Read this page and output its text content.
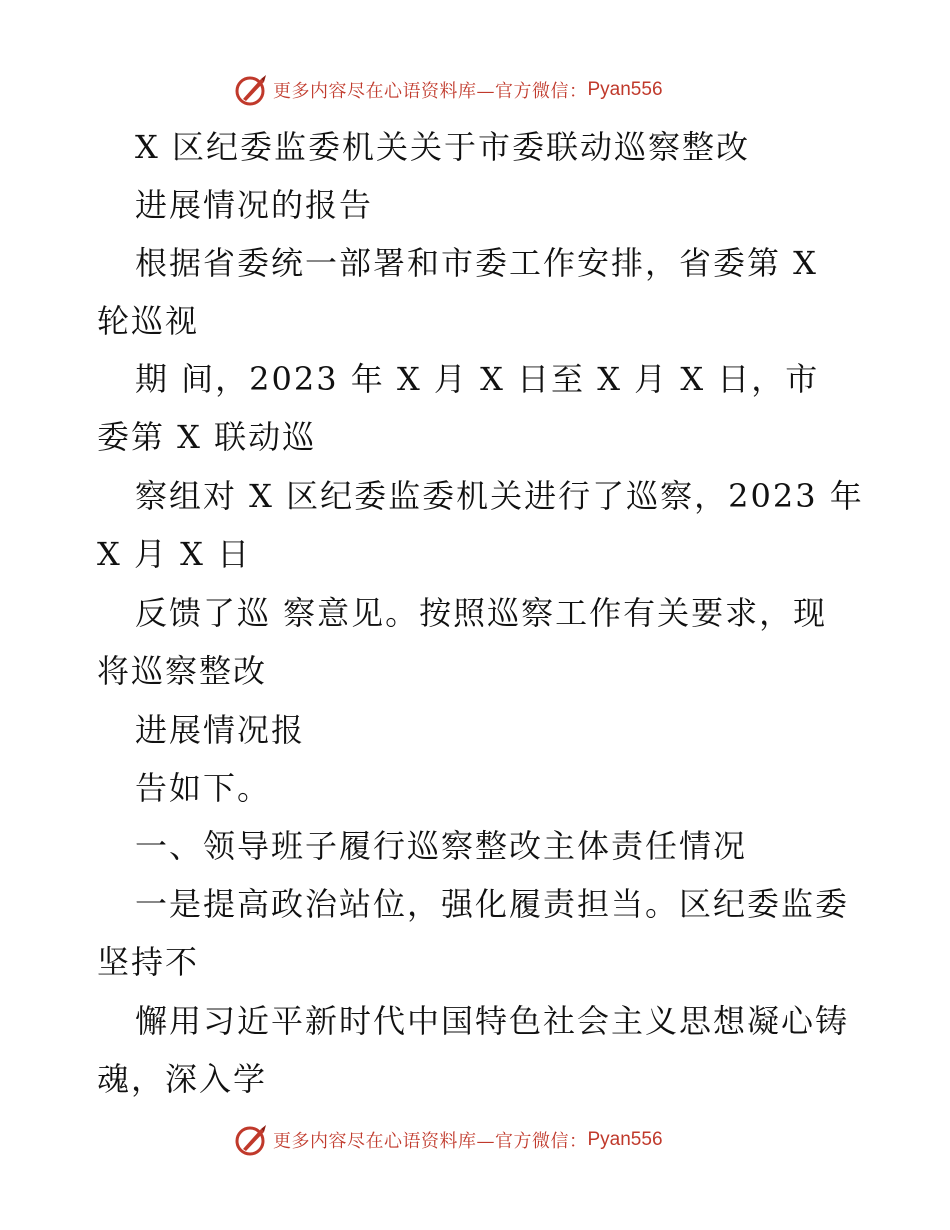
更多内容尽在心语资料库—官方微信： Pyan556
X 区纪委监委机关关于市委联动巡察整改
进展情况的报告
根据省委统一部署和市委工作安排，省委第 X
轮巡视
期 间，2023 年 X 月 X 日至 X 月 X 日，市
委第 X 联动巡
察组对 X 区纪委监委机关进行了巡察，2023 年
X 月 X 日
反馈了巡 察意见。按照巡察工作有关要求，现
将巡察整改
进展情况报
告如下。
一、领导班子履行巡察整改主体责任情况
一是提高政治站位，强化履责担当。区纪委监委
坚持不
懈用习近平新时代中国特色社会主义思想凝心铸
魂，深入学
更多内容尽在心语资料库—官方微信： Pyan556
